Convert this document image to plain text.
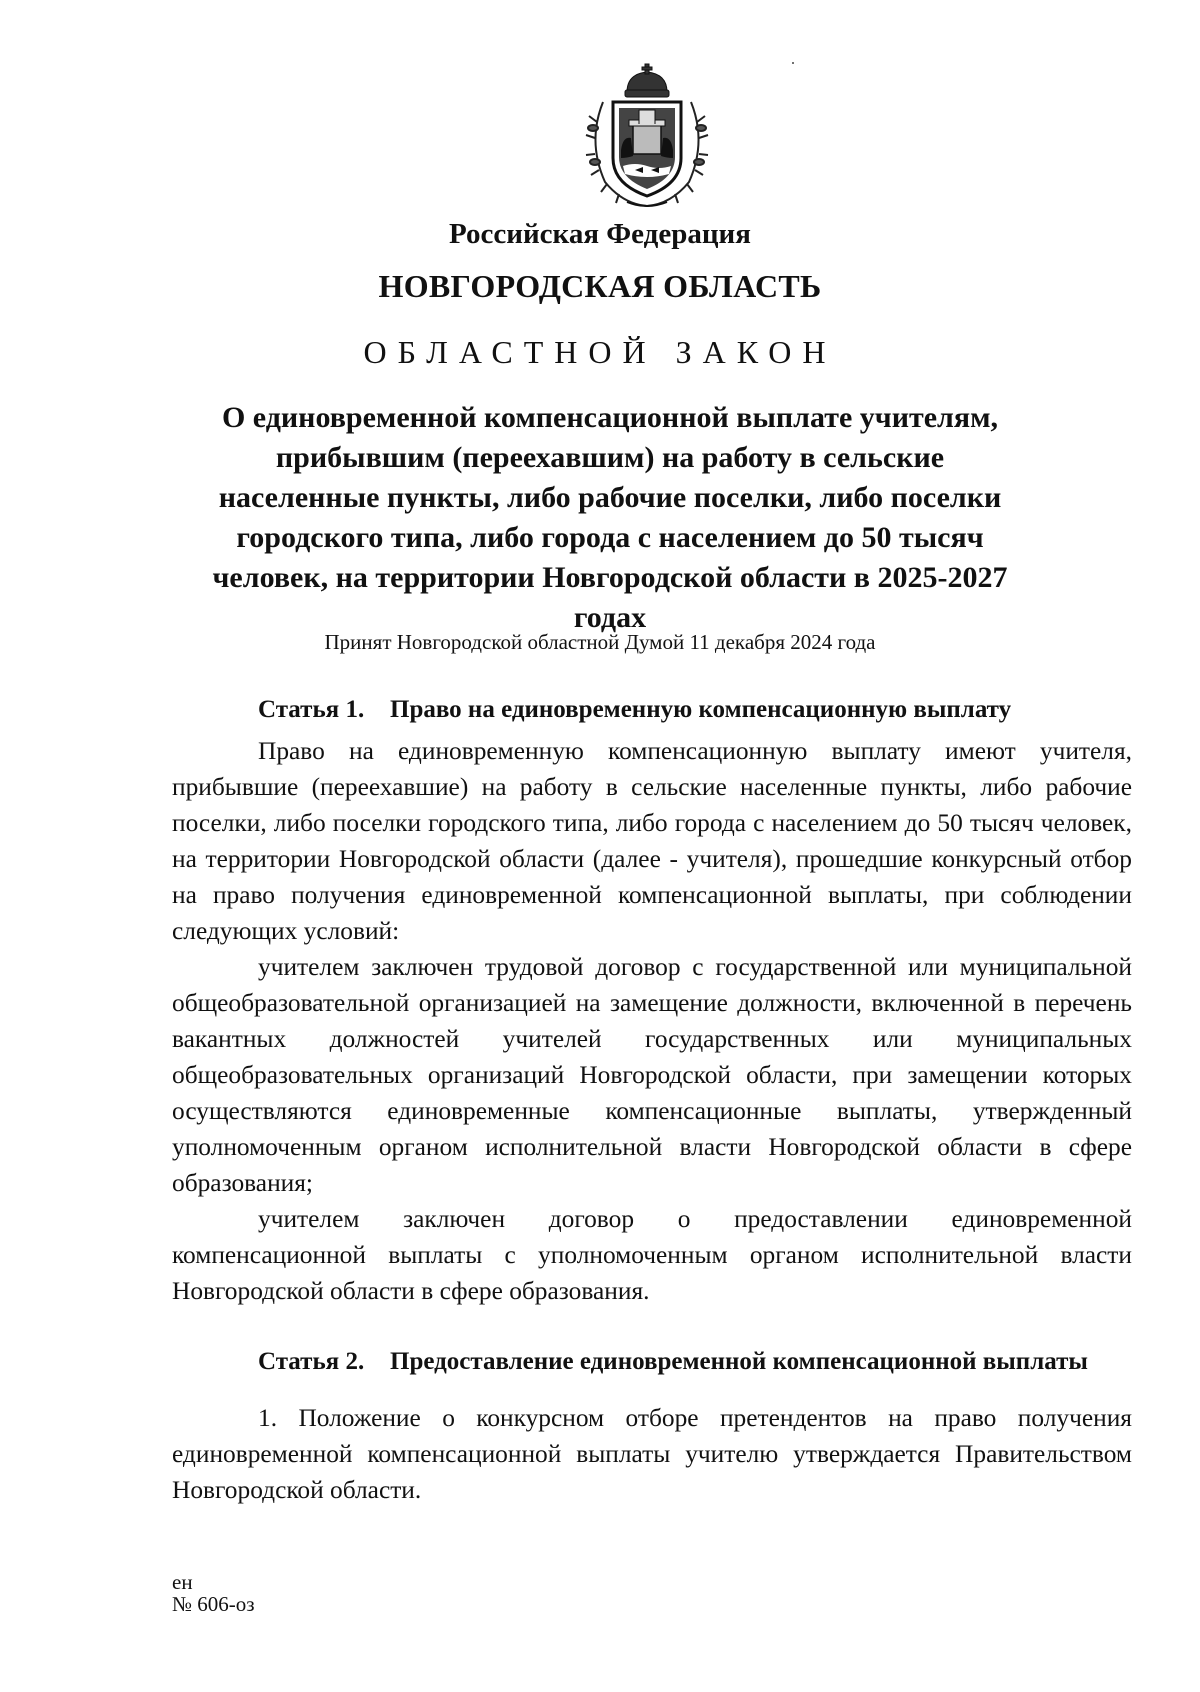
Российская Федерация
НОВГОРОДСКАЯ ОБЛАСТЬ
ОБЛАСТНОЙ ЗАКОН
О единовременной компенсационной выплате учителям, прибывшим (переехавшим) на работу в сельские населенные пункты, либо рабочие поселки, либо поселки городского типа, либо города с населением до 50 тысяч человек, на территории Новгородской области в 2025-2027 годах
Принят Новгородской областной Думой 11 декабря 2024 года
Статья 1. Право на единовременную компенсационную выплату

Право на единовременную компенсационную выплату имеют учителя, прибывшие (переехавшие) на работу в сельские населенные пункты, либо рабочие поселки, либо поселки городского типа, либо города с населением до 50 тысяч человек, на территории Новгородской области (далее - учителя), прошедшие конкурсный отбор на право получения единовременной компенсационной выплаты, при соблюдении следующих условий:

учителем заключен трудовой договор с государственной или муниципальной общеобразовательной организацией на замещение должности, включенной в перечень вакантных должностей учителей государственных или муниципальных общеобразовательных организаций Новгородской области, при замещении которых осуществляются единовременные компенсационные выплаты, утвержденный уполномоченным органом исполнительной власти Новгородской области в сфере образования;

учителем заключен договор о предоставлении единовременной компенсационной выплаты с уполномоченным органом исполнительной власти Новгородской области в сфере образования.

Статья 2. Предоставление единовременной компенсационной выплаты

1. Положение о конкурсном отборе претендентов на право получения единовременной компенсационной выплаты учителю утверждается Правительством Новгородской области.

ен
№ 606-оз
